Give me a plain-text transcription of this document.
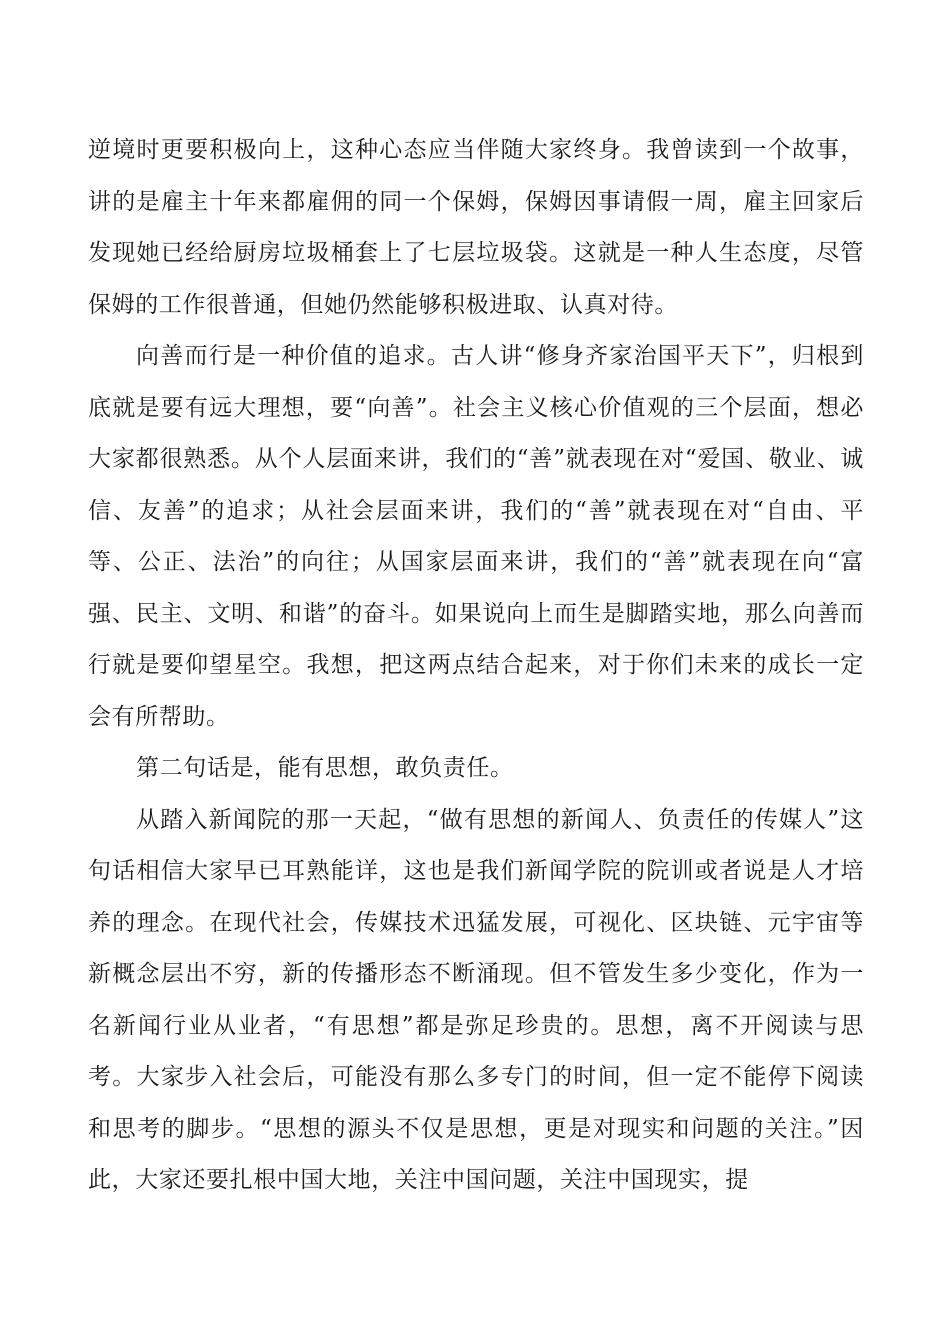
逆境时更要积极向上，这种心态应当伴随大家终身。我曾读到一个故事，讲的是雇主十年来都雇佣的同一个保姆，保姆因事请假一周，雇主回家后发现她已经给厨房垃圾桶套上了七层垃圾袋。这就是一种人生态度，尽管保姆的工作很普通，但她仍然能够积极进取、认真对待。

向善而行是一种价值的追求。古人讲“修身齐家治国平天下”，归根到底就是要有远大理想，要“向善”。社会主义核心价值观的三个层面，想必大家都很熟悉。从个人层面来讲，我们的“善”就表现在对“爱国、敬业、诚信、友善”的追求；从社会层面来讲，我们的“善”就表现在对“自由、平等、公正、法治”的向往；从国家层面来讲，我们的“善”就表现在向“富强、民主、文明、和谐”的奋斗。如果说向上而生是脚踏实地，那么向善而行就是要仰望星空。我想，把这两点结合起来，对于你们未来的成长一定会有所帮助。

第二句话是，能有思想，敢负责任。

从踏入新闻院的那一天起，“做有思想的新闻人、负责任的传媒人”这句话相信大家早已耳熟能详，这也是我们新闻学院的院训或者说是人才培养的理念。在现代社会，传媒技术迅猛发展，可视化、区块链、元宇宙等新概念层出不穷，新的传播形态不断涌现。但不管发生多少变化，作为一名新闻行业从业者，“有思想”都是弥足珍贵的。思想，离不开阅读与思考。大家步入社会后，可能没有那么多专门的时间，但一定不能停下阅读和思考的脚步。“思想的源头不仅是思想，更是对现实和问题的关注。”因此，大家还要扎根中国大地，关注中国问题，关注中国现实，提
